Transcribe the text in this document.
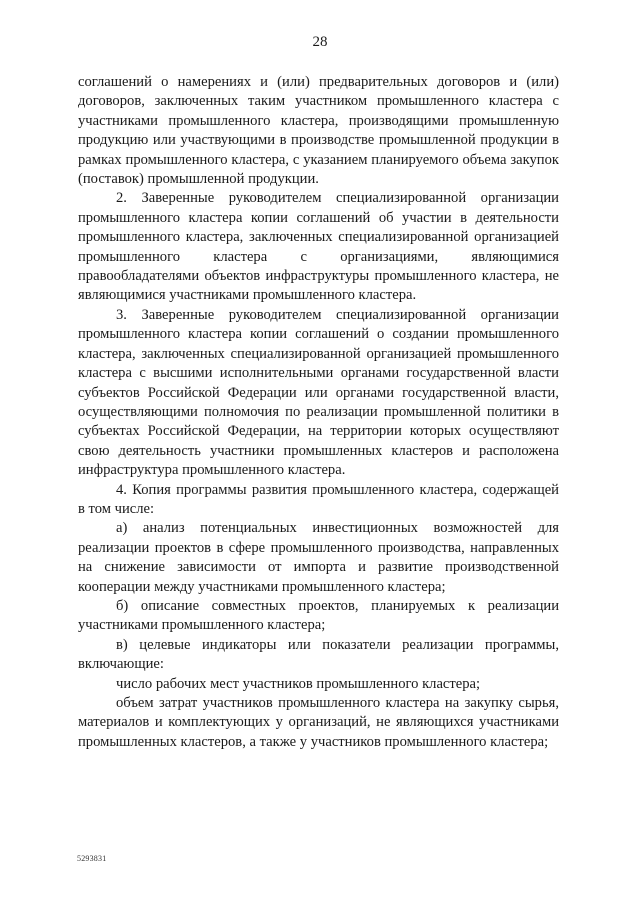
28

соглашений о намерениях и (или) предварительных договоров и (или) договоров, заключенных таким участником промышленного кластера с участниками промышленного кластера, производящими промышленную продукцию или участвующими в производстве промышленной продукции в рамках промышленного кластера, с указанием планируемого объема закупок (поставок) промышленной продукции.

2. Заверенные руководителем специализированной организации промышленного кластера копии соглашений об участии в деятельности промышленного кластера, заключенных специализированной организацией промышленного кластера с организациями, являющимися правообладателями объектов инфраструктуры промышленного кластера, не являющимися участниками промышленного кластера.

3. Заверенные руководителем специализированной организации промышленного кластера копии соглашений о создании промышленного кластера, заключенных специализированной организацией промышленного кластера с высшими исполнительными органами государственной власти субъектов Российской Федерации или органами государственной власти, осуществляющими полномочия по реализации промышленной политики в субъектах Российской Федерации, на территории которых осуществляют свою деятельность участники промышленных кластеров и расположена инфраструктура промышленного кластера.

4. Копия программы развития промышленного кластера, содержащей в том числе:

а) анализ потенциальных инвестиционных возможностей для реализации проектов в сфере промышленного производства, направленных на снижение зависимости от импорта и развитие производственной кооперации между участниками промышленного кластера;

б) описание совместных проектов, планируемых к реализации участниками промышленного кластера;

в) целевые индикаторы или показатели реализации программы, включающие:

число рабочих мест участников промышленного кластера;

объем затрат участников промышленного кластера на закупку сырья, материалов и комплектующих у организаций, не являющихся участниками промышленных кластеров, а также у участников промышленного кластера;

5293831
